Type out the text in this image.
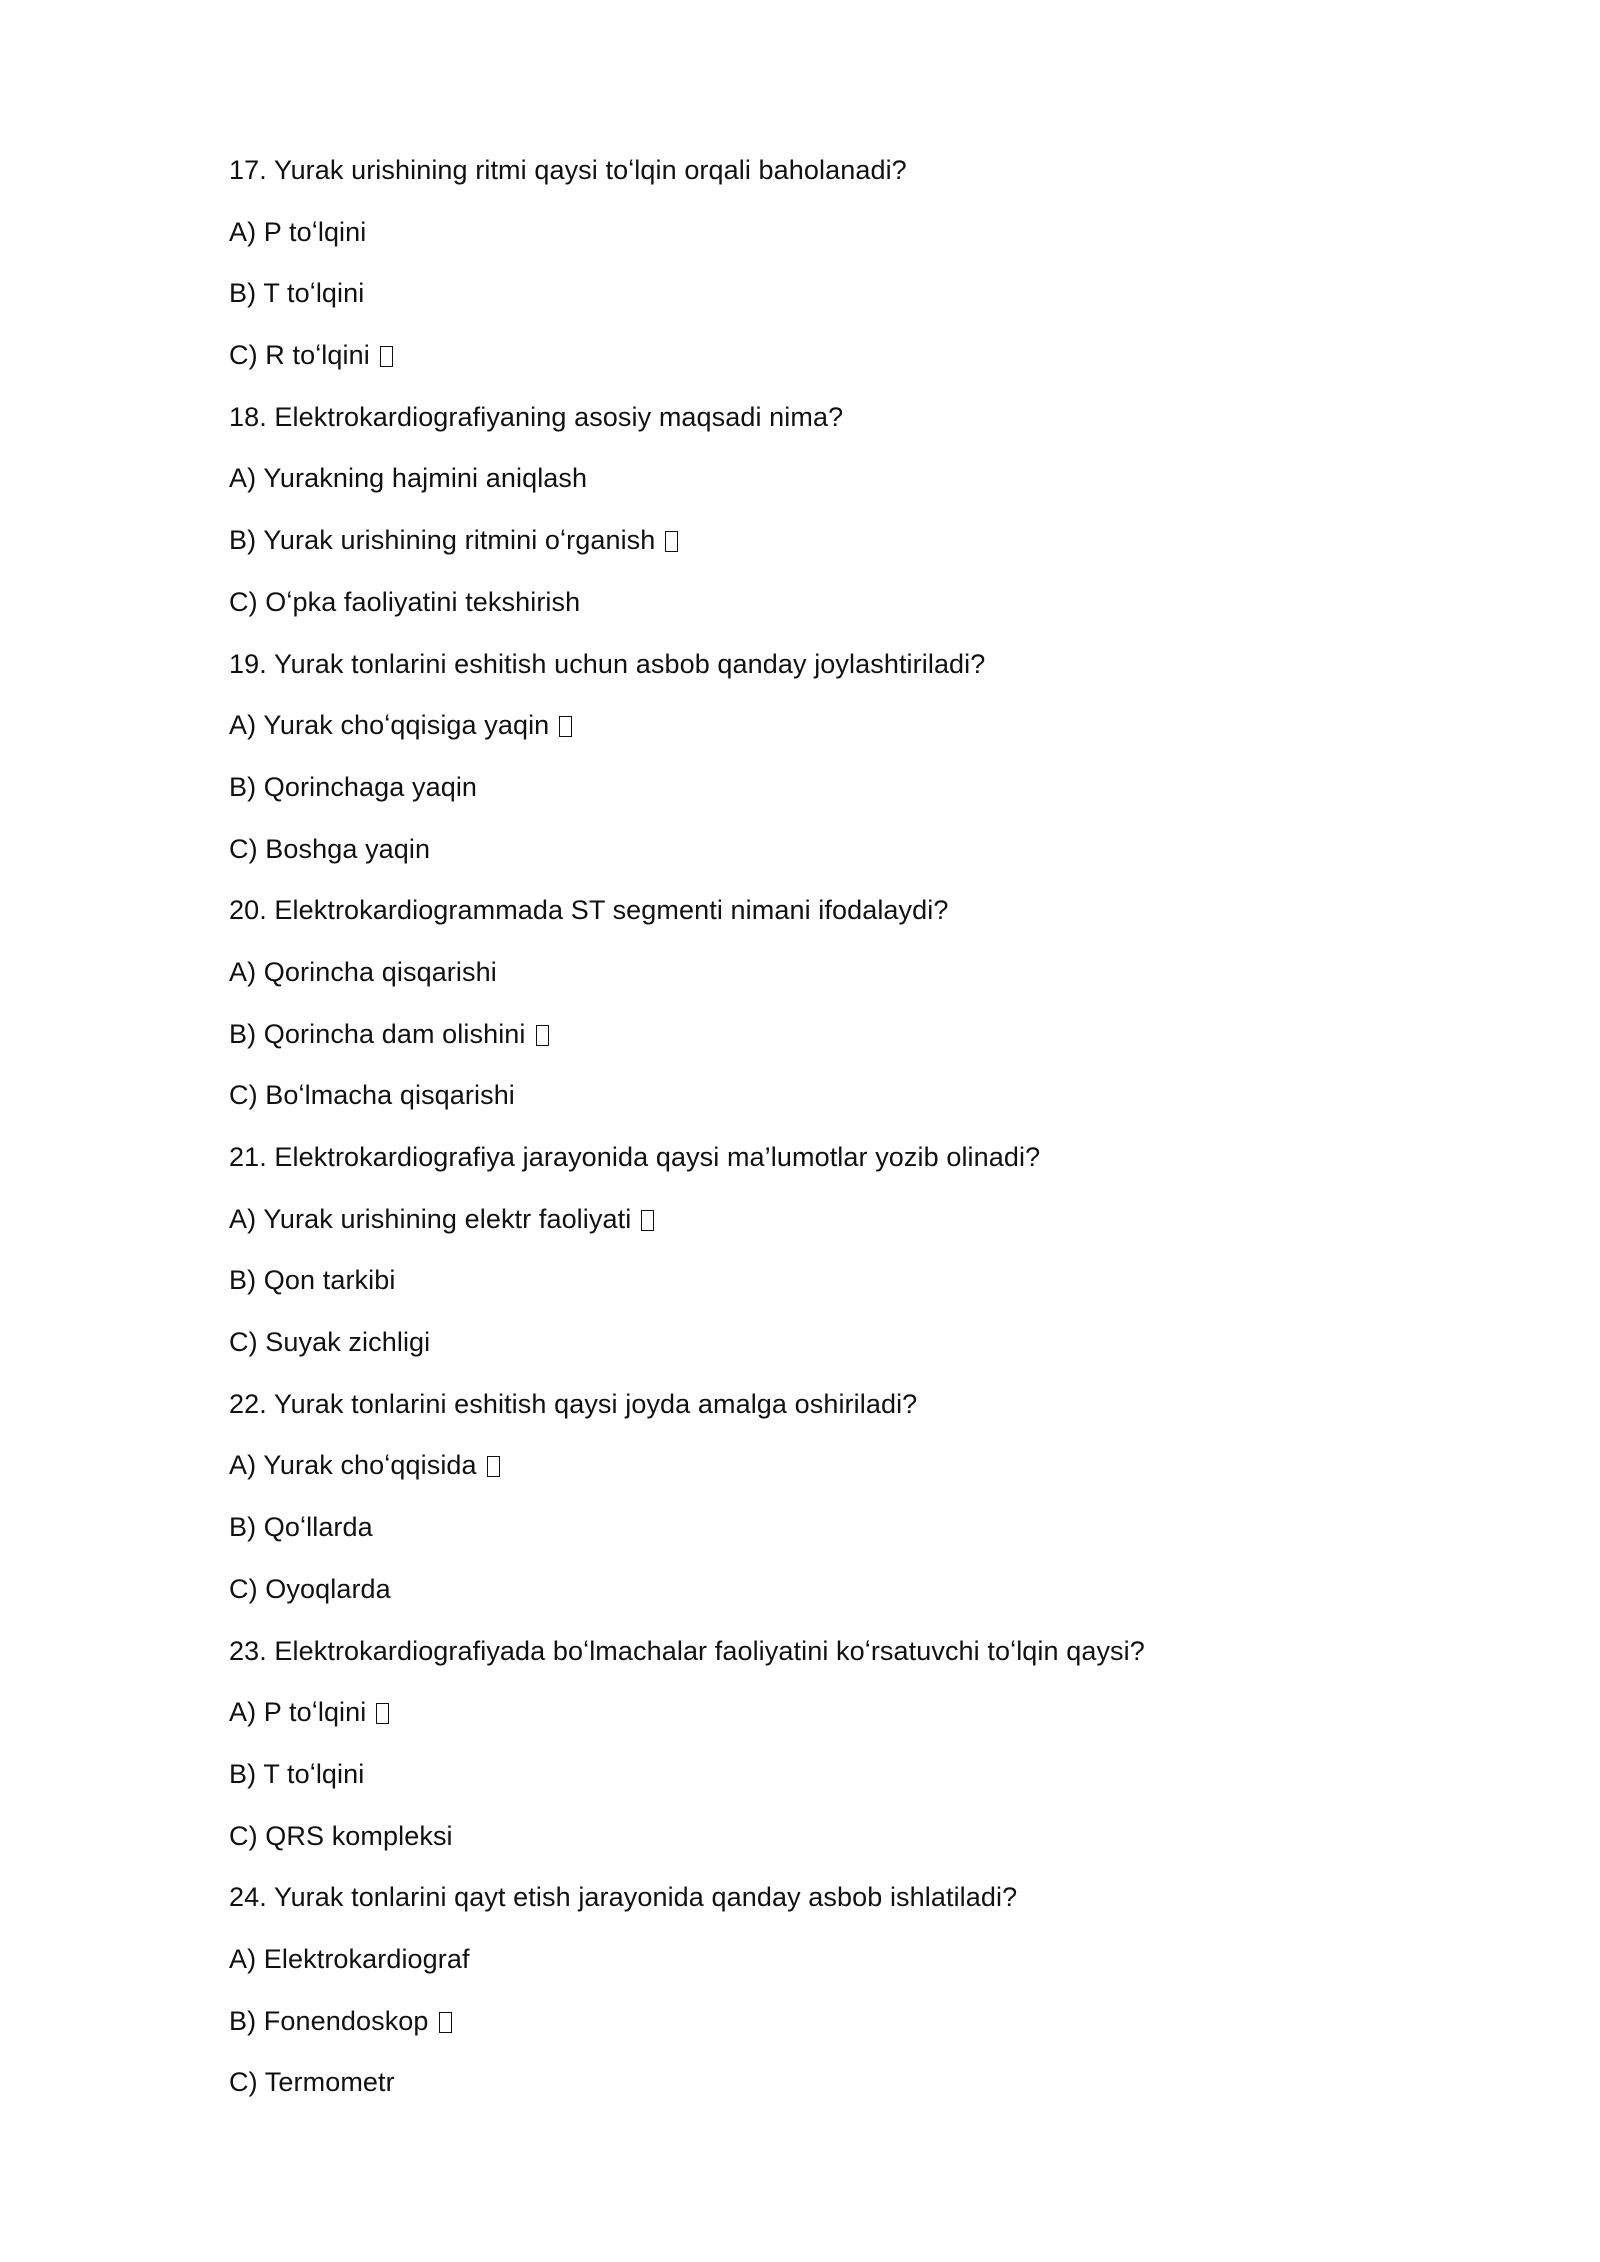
17. Yurak urishining ritmi qaysi toʻlqin orqali baholanadi?
A) P toʻlqini
B) T toʻlqini
C) R toʻlqini
18. Elektrokardiografiyaning asosiy maqsadi nima?
A) Yurakning hajmini aniqlash
B) Yurak urishining ritmini oʻrganish
C) Oʻpka faoliyatini tekshirish
19. Yurak tonlarini eshitish uchun asbob qanday joylashtiriladi?
A) Yurak choʻqqisiga yaqin
B) Qorinchaga yaqin
C) Boshga yaqin
20. Elektrokardiogrammada ST segmenti nimani ifodalaydi?
A) Qorincha qisqarishi
B) Qorincha dam olishini
C) Boʻlmacha qisqarishi
21. Elektrokardiografiya jarayonida qaysi ma’lumotlar yozib olinadi?
A) Yurak urishining elektr faoliyati
B) Qon tarkibi
C) Suyak zichligi
22. Yurak tonlarini eshitish qaysi joyda amalga oshiriladi?
A) Yurak choʻqqisida
B) Qoʻllarda
C) Oyoqlarda
23. Elektrokardiografiyada boʻlmachalar faoliyatini koʻrsatuvchi toʻlqin qaysi?
A) P toʻlqini
B) T toʻlqini
C) QRS kompleksi
24. Yurak tonlarini qayt etish jarayonida qanday asbob ishlatiladi?
A) Elektrokardiograf
B) Fonendoskop
C) Termometr
